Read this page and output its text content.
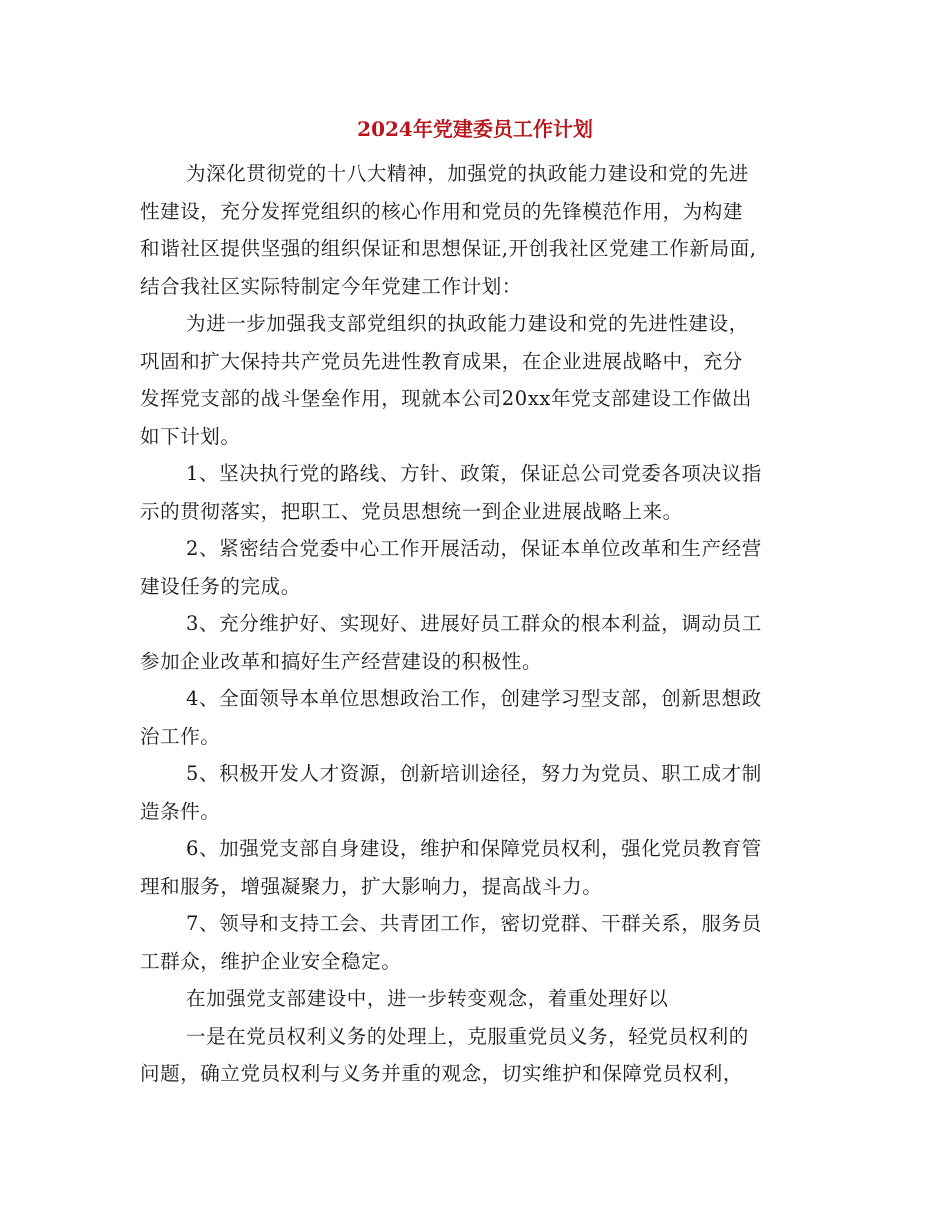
2024年党建委员工作计划

为深化贯彻党的十八大精神，加强党的执政能力建设和党的先进
性建设，充分发挥党组织的核心作用和党员的先锋模范作用，为构建
和谐社区提供坚强的组织保证和思想保证,开创我社区党建工作新局面,
结合我社区实际特制定今年党建工作计划：

为进一步加强我支部党组织的执政能力建设和党的先进性建设，
巩固和扩大保持共产党员先进性教育成果，在企业进展战略中，充分
发挥党支部的战斗堡垒作用，现就本公司20xx年党支部建设工作做出
如下计划。

1、坚决执行党的路线、方针、政策，保证总公司党委各项决议指
示的贯彻落实，把职工、党员思想统一到企业进展战略上来。

2、紧密结合党委中心工作开展活动，保证本单位改革和生产经营
建设任务的完成。

3、充分维护好、实现好、进展好员工群众的根本利益，调动员工
参加企业改革和搞好生产经营建设的积极性。

4、全面领导本单位思想政治工作，创建学习型支部，创新思想政
治工作。

5、积极开发人才资源，创新培训途径，努力为党员、职工成才制
造条件。

6、加强党支部自身建设，维护和保障党员权利，强化党员教育管
理和服务，增强凝聚力，扩大影响力，提高战斗力。

7、领导和支持工会、共青团工作，密切党群、干群关系，服务员
工群众，维护企业安全稳定。

在加强党支部建设中，进一步转变观念，着重处理好以

一是在党员权利义务的处理上，克服重党员义务，轻党员权利的
问题，确立党员权利与义务并重的观念，切实维护和保障党员权利，
